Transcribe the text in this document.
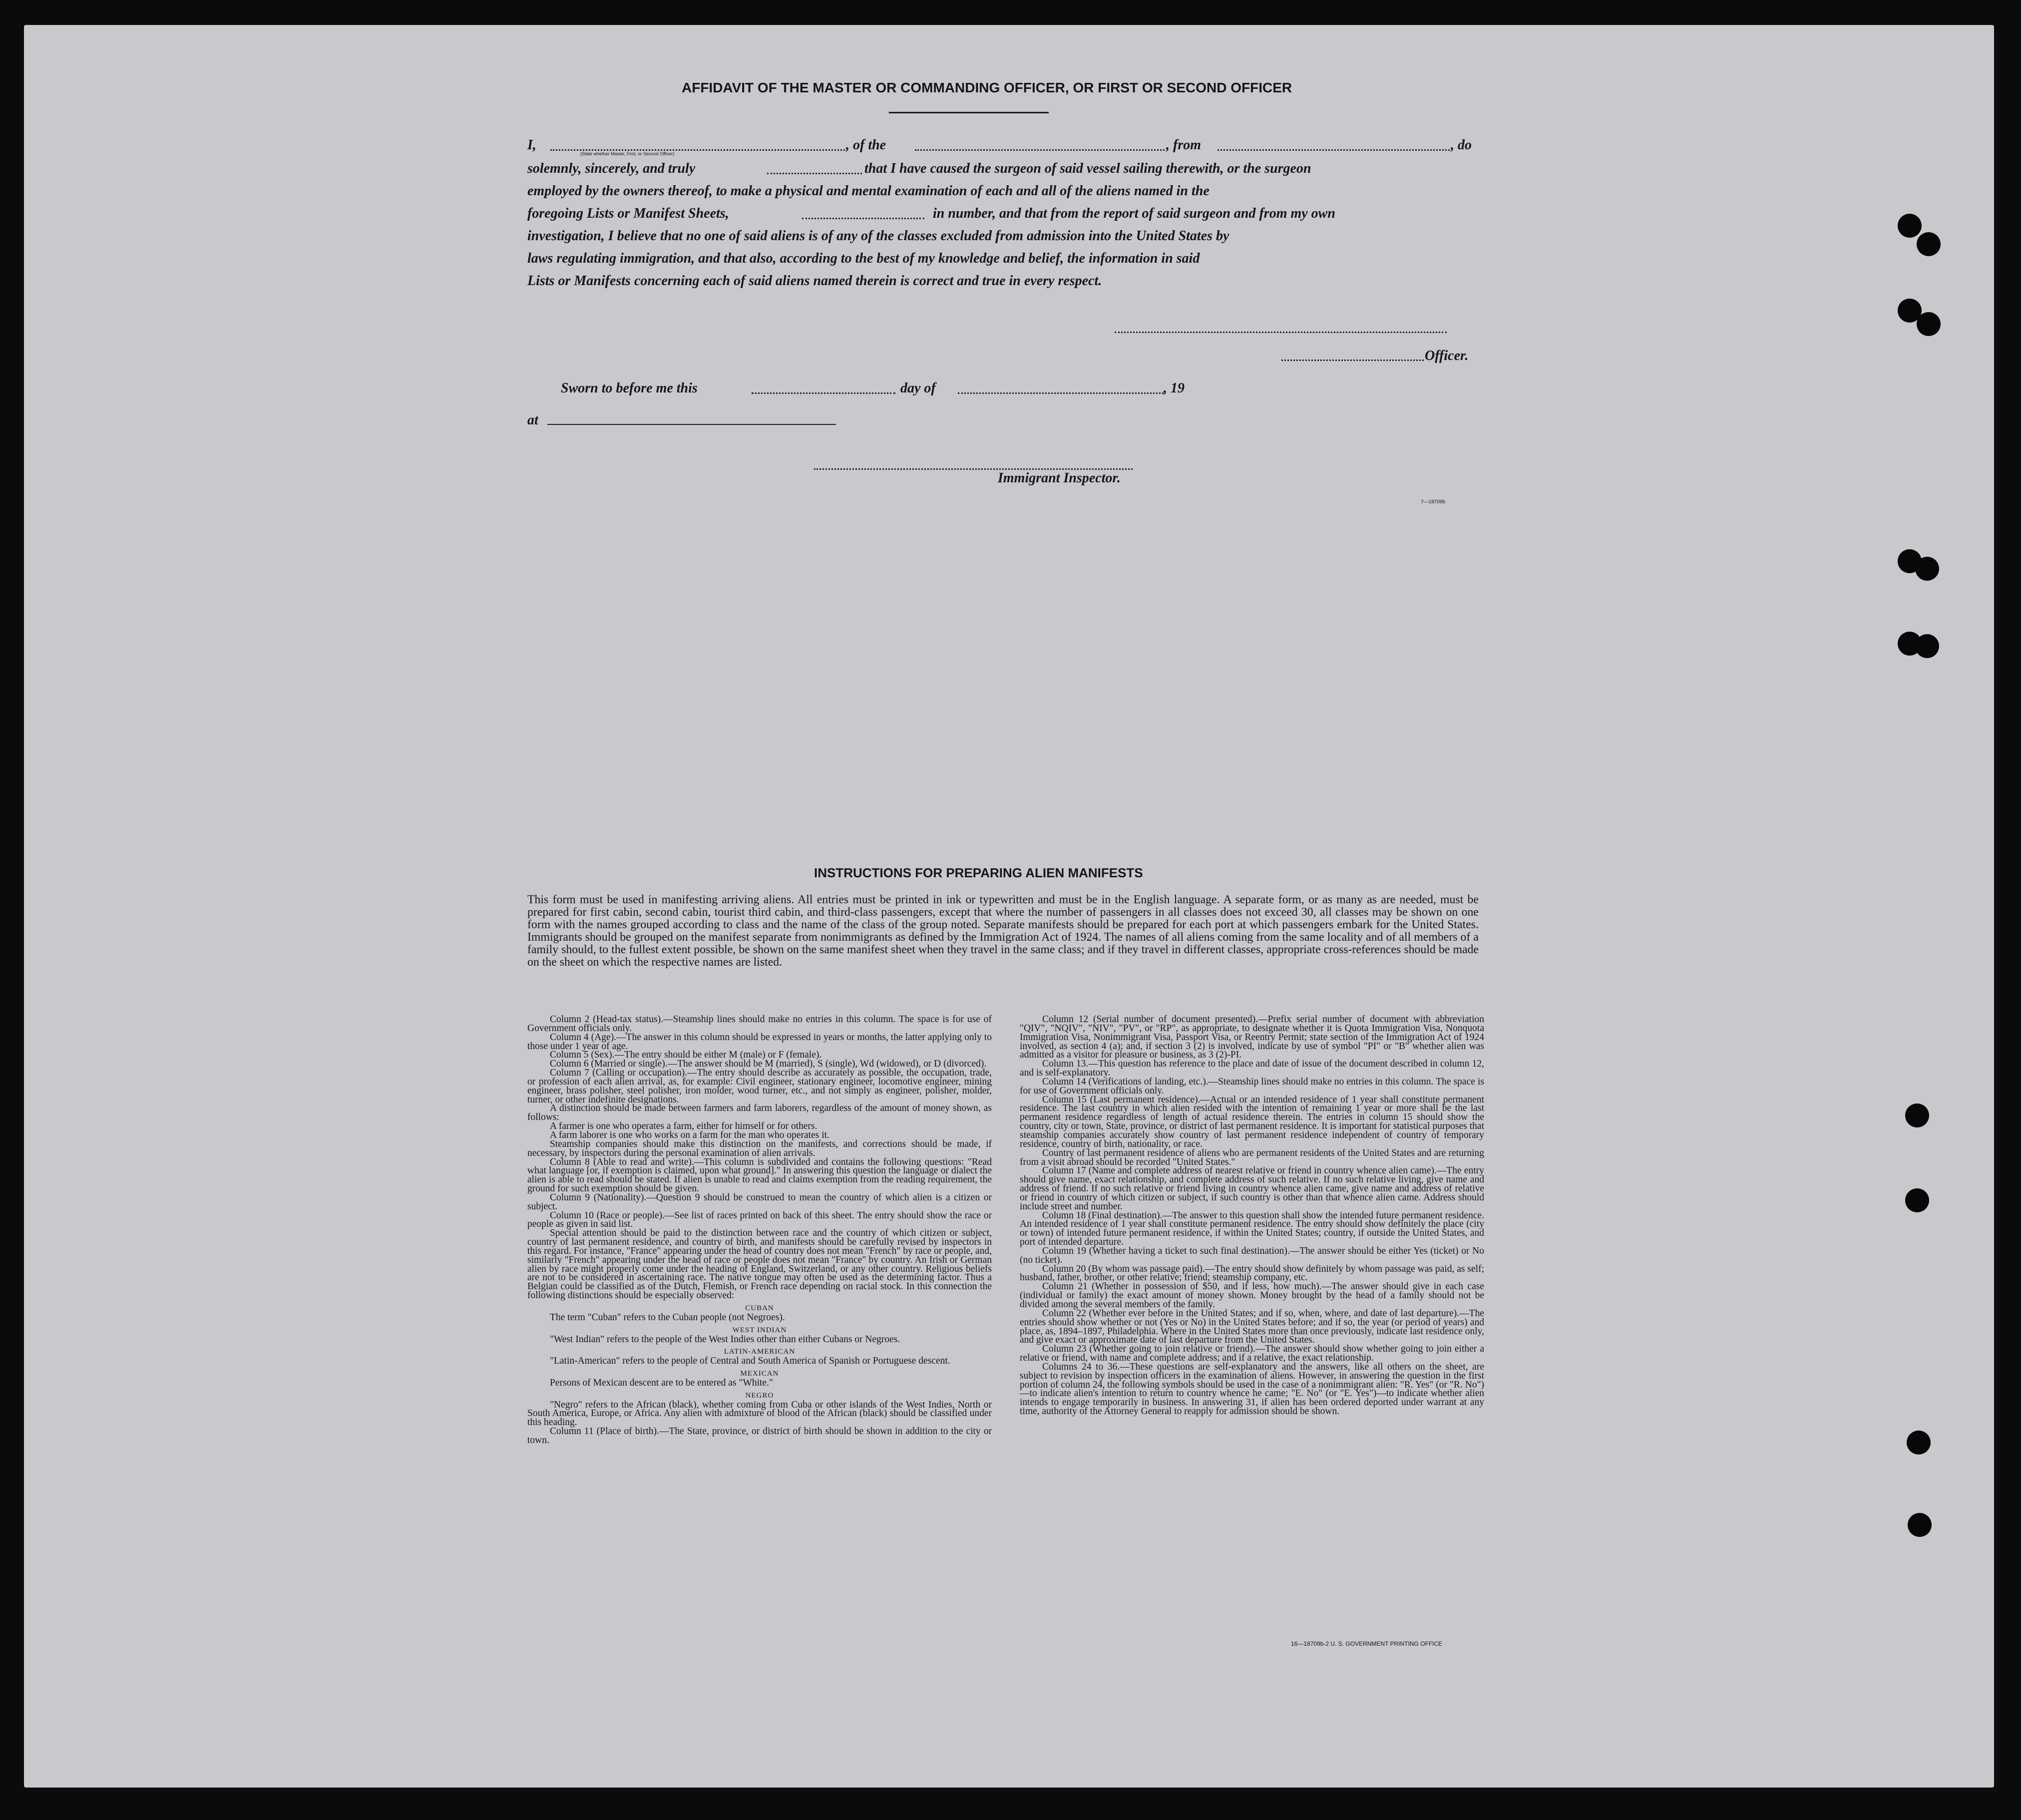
AFFIDAVIT OF THE MASTER OR COMMANDING OFFICER, OR FIRST OR SECOND OFFICER
I,
(State whether Master, First, or Second Officer)
, of the	, from	, do
solemnly, sincerely, and truly	that I have caused the surgeon of said vessel sailing therewith, or the surgeon
employed by the owners thereof, to make a physical and mental examination of each and all of the aliens named in the
foregoing Lists or Manifest Sheets,	in number, and that from the report of said surgeon and from my own
investigation, I believe that no one of said aliens is of any of the classes excluded from admission into the United States by
laws regulating immigration, and that also, according to the best of my knowledge and belief, the information in said
Lists or Manifests concerning each of said aliens named therein is correct and true in every respect.
Officer.
Sworn to before me this	day of	, 19
at
Immigrant Inspector.
7—18709b
INSTRUCTIONS FOR PREPARING ALIEN MANIFESTS

This form must be used in manifesting arriving aliens. All entries must be printed in ink or typewritten and must be in the English language. A separate form, or as many as are needed, must be prepared for first cabin, second cabin, tourist third cabin, and third-class passengers, except that where the number of passengers in all classes does not exceed 30, all classes may be shown on one form with the names grouped according to class and the name of the class of the group noted. Separate manifests should be prepared for each port at which passengers embark for the United States. Immigrants should be grouped on the manifest separate from nonimmigrants as defined by the Immigration Act of 1924. The names of all aliens coming from the same locality and of all members of a family should, to the fullest extent possible, be shown on the same manifest sheet when they travel in the same class; and if they travel in different classes, appropriate cross-references should be made on the sheet on which the respective names are listed.

Column 2 (Head-tax status).—Steamship lines should make no entries in this column. The space is for use of Government officials only.

Column 4 (Age).—The answer in this column should be expressed in years or months, the latter applying only to those under 1 year of age.

Column 5 (Sex).—The entry should be either M (male) or F (female).

Column 6 (Married or single).—The answer should be M (married), S (single), Wd (widowed), or D (divorced).

Column 7 (Calling or occupation).—The entry should describe as accurately as possible, the occupation, trade, or profession of each alien arrival, as, for example: Civil engineer, stationary engineer, locomotive engineer, mining engineer, brass polisher, steel polisher, iron molder, wood turner, etc., and not simply as engineer, polisher, molder, turner, or other indefinite designations.

A distinction should be made between farmers and farm laborers, regardless of the amount of money shown, as follows:

A farmer is one who operates a farm, either for himself or for others.

A farm laborer is one who works on a farm for the man who operates it.

Steamship companies should make this distinction on the manifests, and corrections should be made, if necessary, by inspectors during the personal examination of alien arrivals.

Column 8 (Able to read and write).—This column is subdivided and contains the following questions: "Read what language [or, if exemption is claimed, upon what ground]." In answering this question the language or dialect the alien is able to read should be stated. If alien is unable to read and claims exemption from the reading requirement, the ground for such exemption should be given.

Column 9 (Nationality).—Question 9 should be construed to mean the country of which alien is a citizen or subject.

Column 10 (Race or people).—See list of races printed on back of this sheet. The entry should show the race or people as given in said list.

Special attention should be paid to the distinction between race and the country of which citizen or subject, country of last permanent residence, and country of birth, and manifests should be carefully revised by inspectors in this regard. For instance, "France" appearing under the head of country does not mean "French" by race or people, and, similarly "French" appearing under the head of race or people does not mean "France" by country. An Irish or German alien by race might properly come under the heading of England, Switzerland, or any other country. Religious beliefs are not to be considered in ascertaining race. The native tongue may often be used as the determining factor. Thus a Belgian could be classified as of the Dutch, Flemish, or French race depending on racial stock. In this connection the following distinctions should be especially observed:

CUBAN

The term "Cuban" refers to the Cuban people (not Negroes).

WEST INDIAN

"West Indian" refers to the people of the West Indies other than either Cubans or Negroes.

LATIN-AMERICAN

"Latin-American" refers to the people of Central and South America of Spanish or Portuguese descent.

MEXICAN

Persons of Mexican descent are to be entered as "White."

NEGRO

"Negro" refers to the African (black), whether coming from Cuba or other islands of the West Indies, North or South America, Europe, or Africa. Any alien with admixture of blood of the African (black) should be classified under this heading.

Column 11 (Place of birth).—The State, province, or district of birth should be shown in addition to the city or town.

Column 12 (Serial number of document presented).—Prefix serial number of document with abbreviation "QIV", "NQIV", "NIV", "PV", or "RP", as appropriate, to designate whether it is Quota Immigration Visa, Nonquota Immigration Visa, Nonimmigrant Visa, Passport Visa, or Reentry Permit; state section of the Immigration Act of 1924 involved, as section 4 (a); and, if section 3 (2) is involved, indicate by use of symbol "PI" or "B" whether alien was admitted as a visitor for pleasure or business, as 3 (2)-PI.

Column 13.—This question has reference to the place and date of issue of the document described in column 12, and is self-explanatory.

Column 14 (Verifications of landing, etc.).—Steamship lines should make no entries in this column. The space is for use of Government officials only.

Column 15 (Last permanent residence).—Actual or an intended residence of 1 year shall constitute permanent residence. The last country in which alien resided with the intention of remaining 1 year or more shall be the last permanent residence regardless of length of actual residence therein. The entries in column 15 should show the country, city or town, State, province, or district of last permanent residence. It is important for statistical purposes that steamship companies accurately show country of last permanent residence independent of country of temporary residence, country of birth, nationality, or race.

Country of last permanent residence of aliens who are permanent residents of the United States and are returning from a visit abroad should be recorded "United States."

Column 17 (Name and complete address of nearest relative or friend in country whence alien came).—The entry should give name, exact relationship, and complete address of such relative. If no such relative living, give name and address of friend. If no such relative or friend living in country whence alien came, give name and address of relative or friend in country of which citizen or subject, if such country is other than that whence alien came. Address should include street and number.

Column 18 (Final destination).—The answer to this question shall show the intended future permanent residence. An intended residence of 1 year shall constitute permanent residence. The entry should show definitely the place (city or town) of intended future permanent residence, if within the United States; country, if outside the United States, and port of intended departure.

Column 19 (Whether having a ticket to such final destination).—The answer should be either Yes (ticket) or No (no ticket).

Column 20 (By whom was passage paid).—The entry should show definitely by whom passage was paid, as self; husband, father, brother, or other relative; friend; steamship company, etc.

Column 21 (Whether in possession of $50, and if less, how much).—The answer should give in each case (individual or family) the exact amount of money shown. Money brought by the head of a family should not be divided among the several members of the family.

Column 22 (Whether ever before in the United States; and if so, when, where, and date of last departure).—The entries should show whether or not (Yes or No) in the United States before; and if so, the year (or period of years) and place, as, 1894–1897, Philadelphia. Where in the United States more than once previously, indicate last residence only, and give exact or approximate date of last departure from the United States.

Column 23 (Whether going to join relative or friend).—The answer should show whether going to join either a relative or friend, with name and complete address; and if a relative, the exact relationship.

Columns 24 to 36.—These questions are self-explanatory and the answers, like all others on the sheet, are subject to revision by inspection officers in the examination of aliens. However, in answering the question in the first portion of column 24, the following symbols should be used in the case of a nonimmigrant alien: "R. Yes" (or "R. No")—to indicate alien's intention to return to country whence he came; "E. No" (or "E. Yes")—to indicate whether alien intends to engage temporarily in business. In answering 31, if alien has been ordered deported under warrant at any time, authority of the Attorney General to reapply for admission should be shown.

16—18709b-2 U. S. GOVERNMENT PRINTING OFFICE
